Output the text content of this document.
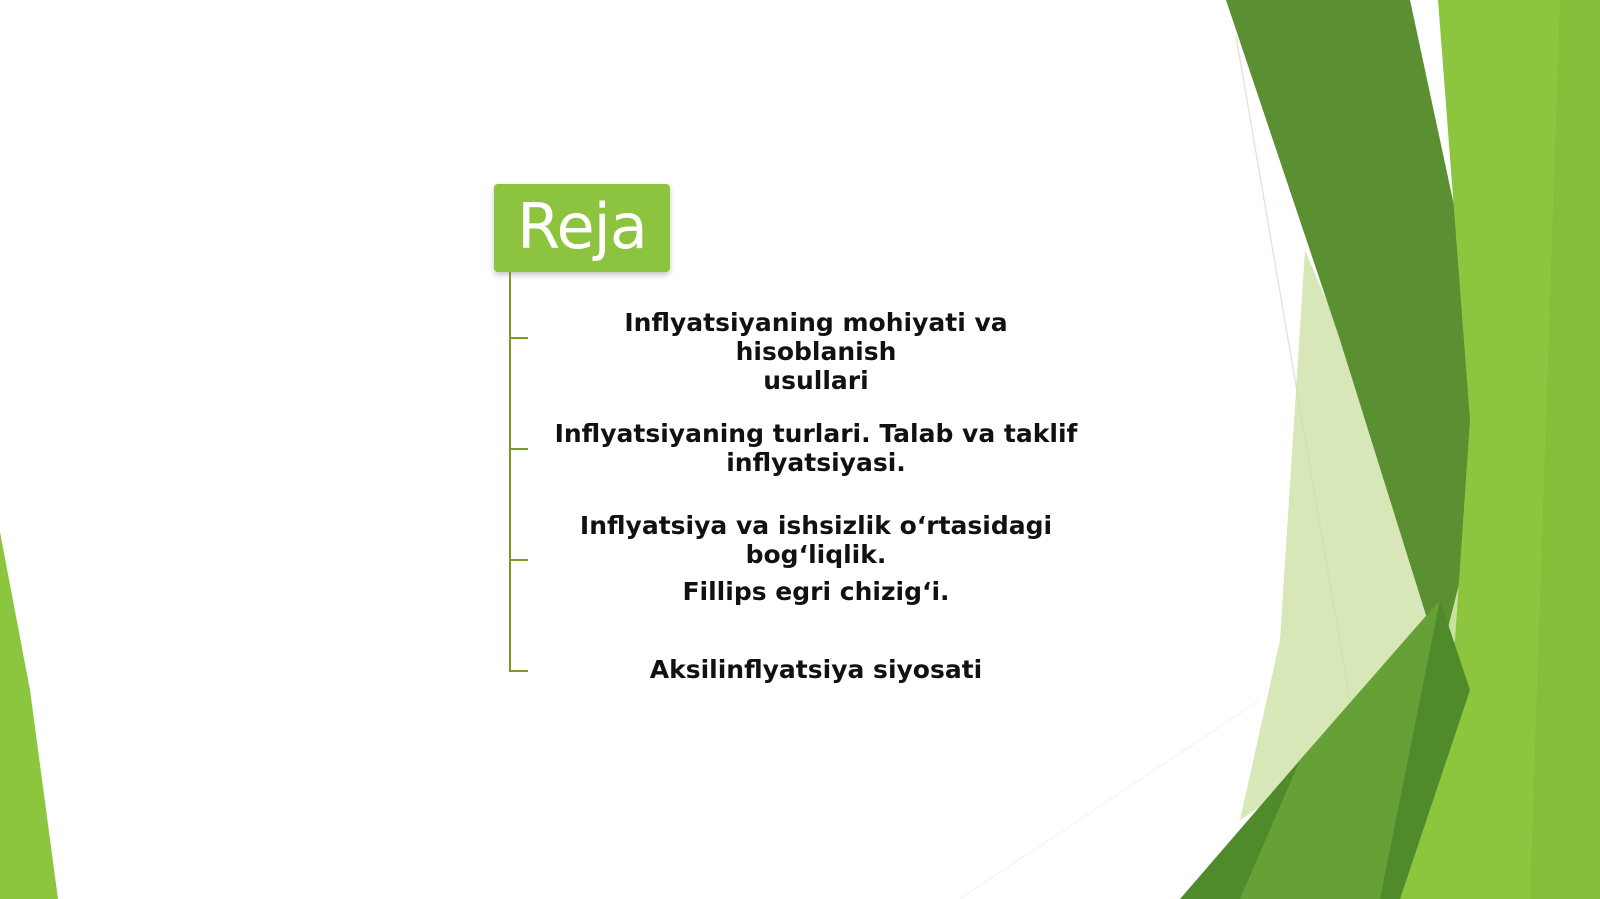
Reja
Inflyatsiyaning mohiyati va hisoblanish
usullari
Inflyatsiyaning turlari. Talab va taklif
inflyatsiyasi.
Inflyatsiya va ishsizlik o‘rtasidagi
bog‘liqlik.
Fillips egri chizig‘i.
Aksilinflyatsiya siyosati
